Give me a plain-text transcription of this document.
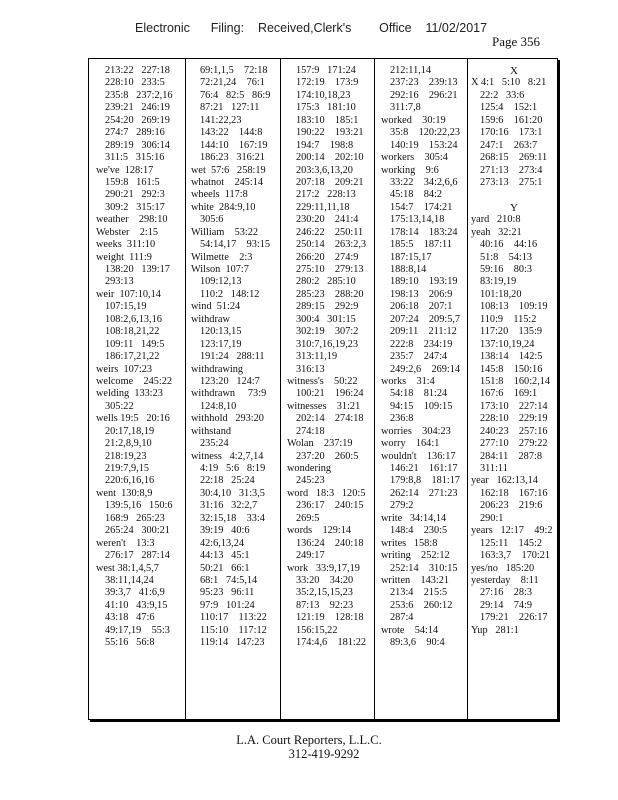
Electronic      Filing:    Received,Clerk's        Office    11/02/2017
Page 356
213:22   227:18
228:10   233:5
235:8   237:2,16
239:21   246:19
254:20   269:19
274:7   289:16
289:19   306:14
311:5   315:16
we've  128:17
159:8   161:5
290:21   292:3
309:2   315:17
weather    298:10
Webster    2:15
weeks  311:10
weight  111:9
138:20   139:17
293:13
weir  107:10,14
107:15,19
108:2,6,13,16
108:18,21,22
109:11   149:5
186:17,21,22
weirs  107:23
welcome    245:22
welding  133:23
305:22
wells 19:5   20:16
20:17,18,19
21:2,8,9,10
218:19,23
219:7,9,15
220:6,16,16
went  130:8,9
139:5,16   150:6
168:9   265:23
265:24   300:21
weren't    13:3
276:17   287:14
west 38:1,4,5,7
38:11,14,24
39:3,7   41:6,9
41:10   43:9,15
43:18   47:6
49:17,19    55:3
55:16   56:8
69:1,1,5    72:18
72:21,24    76:1
76:4   82:5   86:9
87:21   127:11
141:22,23
143:22    144:8
144:10    167:19
186:23   316:21
wet  57:6   258:19
whatnot    245:14
wheels  117:8
white  284:9,10
305:6
William    53:22
54:14,17    93:15
Wilmette    2:3
Wilson  107:7
109:12,13
110:2   148:12
wind  51:24
withdraw
120:13,15
123:17,19
191:24   288:11
withdrawing
123:20   124:7
withdrawn     73:9
124:8,10
withhold   293:20
withstand
235:24
witness   4:2,7,14
4:19   5:6   8:19
22:18   25:24
30:4,10   31:3,5
31:16   32:2,7
32:15,18    33:4
39:19   40:6
42:6,13,24
44:13   45:1
50:21   66:1
68:1   74:5,14
95:23   96:11
97:9   101:24
110:17    113:22
115:10    117:12
119:14   147:23
157:9   171:24
172:19    173:9
174:10,18,23
175:3   181:10
183:10    185:1
190:22    193:21
194:7    198:8
200:14    202:10
203:3,6,13,20
207:18    209:21
217:2   228:13
229:11,11,18
230:20    241:4
246:22    250:11
250:14    263:2,3
266:20    274:9
275:10    279:13
280:2   285:10
285:23    288:20
289:15    292:9
300:4   301:15
302:19    307:2
310:7,16,19,23
313:11,19
316:13
witness's    50:22
100:21    196:24
witnesses    31:21
202:14    274:18
274:18
Wolan    237:19
237:20    260:5
wondering
245:23
word   18:3   120:5
236:17    240:15
269:5
words    129:14
136:24    240:18
249:17
work   33:9,17,19
33:20    34:20
35:2,15,15,23
87:13    92:23
121:19    128:18
156:15,22
174:4,6    181:22
212:11,14
237:23    239:13
292:16    296:21
311:7,8
worked    30:19
35:8    120:22,23
140:19    153:24
workers    305:4
working    9:6
33:22    34:2,6,6
45:18    84:2
154:7    174:21
175:13,14,18
178:14    183:24
185:5    187:11
187:15,17
188:8,14
189:10    193:19
198:13    206:9
206:18    207:1
207:24    209:5,7
209:11    211:12
222:8    234:19
235:7    247:4
249:2,6    269:14
works    31:4
54:18    81:24
94:15    109:15
236:8
worries    304:23
worry    164:1
wouldn't    136:17
146:21    161:17
179:8,8    181:17
262:14    271:23
279:2
write   34:14,14
148:4    230:5
writes   158:8
writing    252:12
252:14    310:15
written    143:21
213:4    215:5
253:6    260:12
287:4
wrote    54:14
89:3,6    90:4
X
X 4:1   5:10   8:21
22:2   33:6
125:4    152:1
159:6    161:20
170:16    173:1
247:1    263:7
268:15    269:11
271:13    273:4
273:13    275:1
Y
yard   210:8
yeah   32:21
40:16    44:16
51:8    54:13
59:16    80:3
83:19,19
101:18,20
108:13    109:19
110:9    115:2
117:20    135:9
137:10,19,24
138:14    142:5
145:8    150:16
151:8    160:2,14
167:6    169:1
173:10    227:14
228:10    229:19
240:23    257:16
277:10    279:22
284:11    287:8
311:11
year   162:13,14
162:18    167:16
206:23    219:6
290:1
years   12:17    49:2
125:11    145:2
163:3,7    170:21
yes/no   185:20
yesterday    8:11
27:16    28:3
29:14    74:9
179:21    226:17
Yup   281:1
L.A. Court Reporters, L.L.C.
312-419-9292
